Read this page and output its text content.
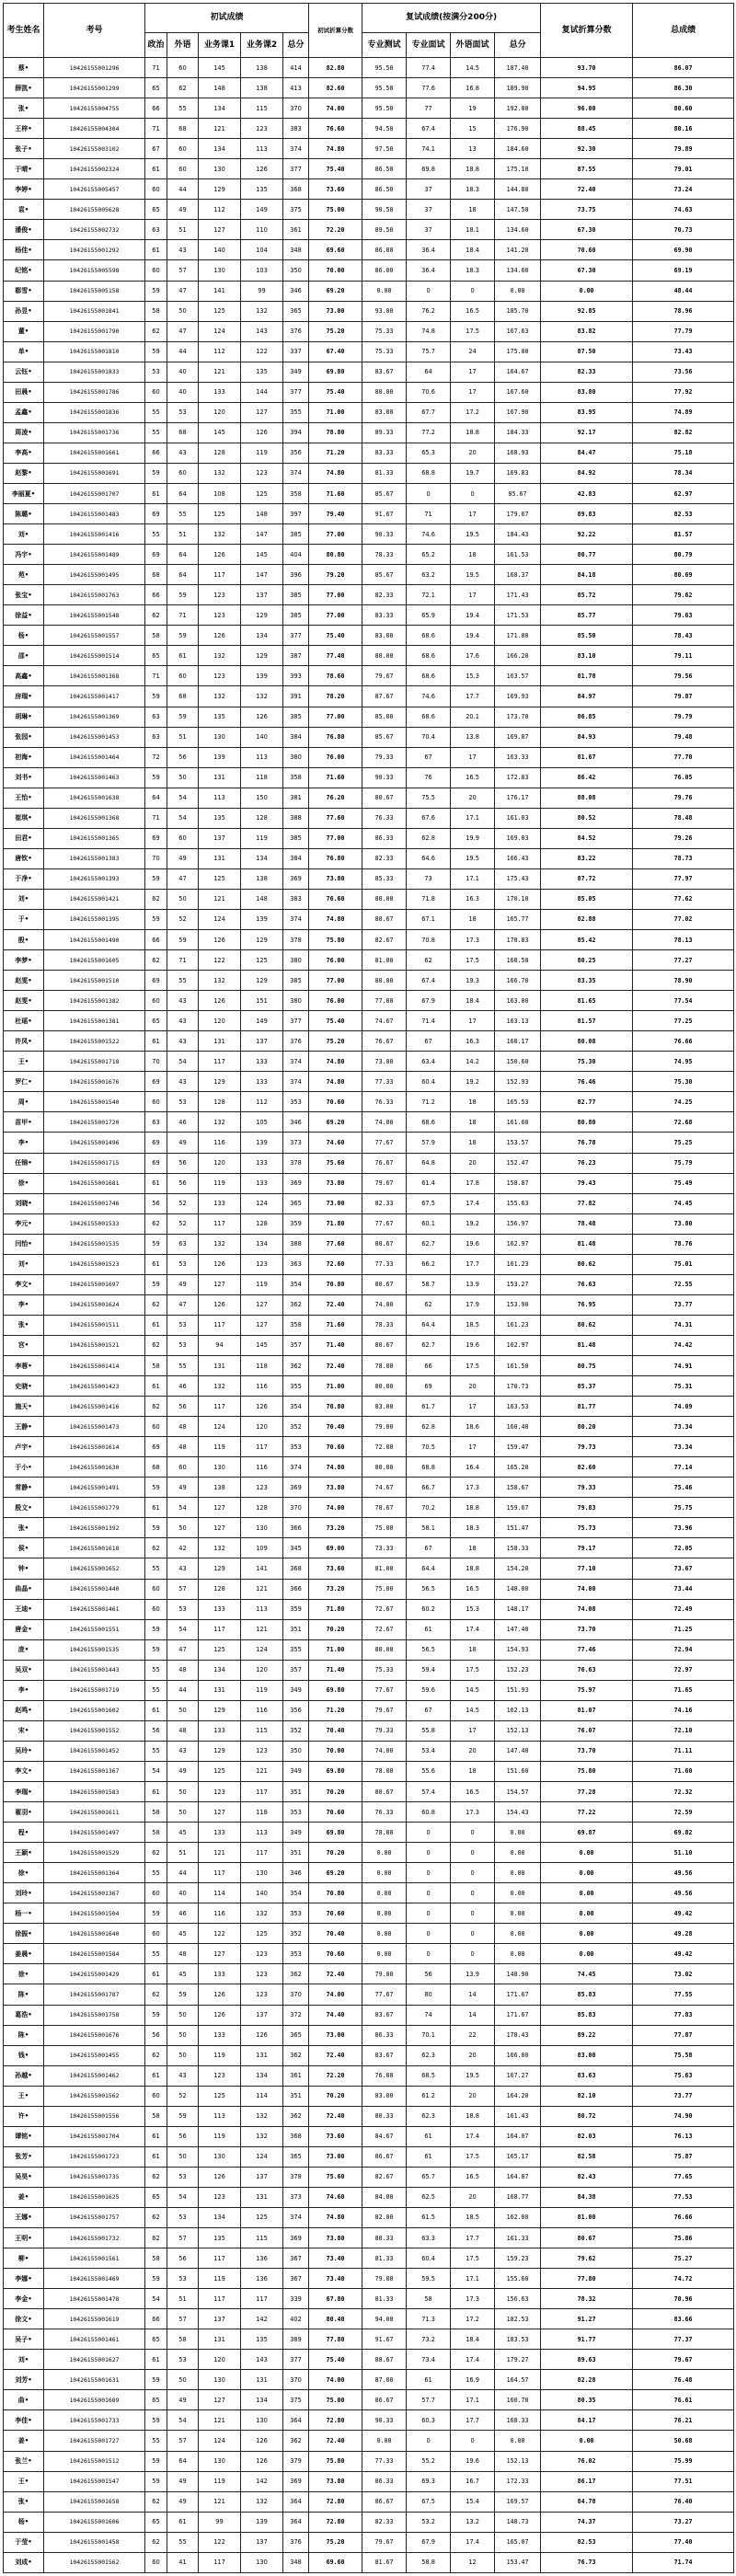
考生姓名	考号	初试成绩					初试折算分数	复试成绩(按满分200分)				复试折算分数	总成绩
		政治	外语	业务课1	业务课2	总分		专业测试	专业面试	外语面试	总分		
蔡•	10426155001296	71	60	145	138	414	82.80	95.50	77.4	14.5	187.40	93.70	86.07
薛凯•	10426155001299	65	62	148	138	413	82.60	95.50	77.6	16.8	189.90	94.95	86.30
张•	10426155004755	66	55	134	115	370	74.00	95.50	77	19	192.00	96.00	80.60
王梓•	10426155004304	71	68	121	123	383	76.60	94.50	67.4	15	176.90	88.45	80.16
张子•	10426155003102	67	60	134	113	374	74.80	97.50	74.1	13	184.60	92.30	79.89
于晴•	10426155002324	61	60	130	126	377	75.40	86.50	69.8	18.8	175.10	87.55	79.01
李婷•	10426155005457	60	44	129	135	368	73.60	86.50	37	18.3	144.80	72.40	73.24
袁•	10426155005628	65	49	112	149	375	75.00	90.50	37	18	147.50	73.75	74.63
潘俊•	10426155002732	63	51	127	110	361	72.20	89.50	37	18.1	134.60	67.30	70.73
杨佳•	10426155001292	61	43	140	104	348	69.60	86.00	36.4	18.4	141.20	70.60	69.90
纪铭•	10426155005598	60	57	130	103	350	70.00	86.00	36.4	18.3	134.60	67.30	69.19
郗雪•	10426155005158	59	47	141	99	346	69.20	0.00	0	0	0.00	0.00	48.44
孙昱•	10426155001841	58	50	125	132	365	73.00	93.00	76.2	16.5	185.70	92.85	78.96
董•	10426155001790	62	47	124	143	376	75.20	75.33	74.8	17.5	167.63	83.82	77.79
单•	10426155001810	59	44	112	122	337	67.40	75.33	75.7	24	175.00	87.50	73.43
云钰•	10426155001833	53	40	121	135	349	69.80	83.67	64	17	164.67	82.33	73.56
田晨•	10426155001786	60	40	133	144	377	75.40	80.00	70.6	17	167.60	83.80	77.92
孟鑫•	10426155001836	55	53	120	127	355	71.00	83.00	67.7	17.2	167.90	83.95	74.89
周凌•	10426155001736	55	68	145	126	394	78.80	89.33	77.2	18.8	184.33	92.17	82.82
李高•	10426155001661	66	43	128	119	356	71.20	83.33	65.3	20	168.93	84.47	75.18
赵黎•	10426155001691	59	60	132	123	374	74.80	81.33	68.8	19.7	169.83	84.92	78.34
李丽夏•	10426155001707	61	64	108	125	358	71.60	85.67	0	0	85.67	42.83	62.97
陈璐•	10426155001483	69	55	125	148	397	79.40	91.67	71	17	179.67	89.83	82.53
刘•	10426155001416	55	51	132	147	385	77.00	90.33	74.6	19.5	184.43	92.22	81.57
冯宇•	10426155001489	69	64	126	145	404	80.80	78.33	65.2	18	161.53	80.77	80.79
苑•	10426155001495	68	64	117	147	396	79.20	85.67	63.2	19.5	168.37	84.18	80.69
张宝•	10426155001763	66	59	123	137	385	77.00	82.33	72.1	17	171.43	85.72	79.62
徐益•	10426155001548	62	71	123	129	385	77.00	83.33	65.9	19.4	171.53	85.77	79.63
杨•	10426155001557	58	59	126	134	377	75.40	83.00	68.6	19.4	171.00	85.50	78.43
邵•	10426155001514	65	61	132	129	387	77.40	80.00	68.6	17.6	166.20	83.10	79.11
高鑫•	10426155001368	71	60	123	139	393	78.60	79.67	68.6	15.3	163.57	81.78	79.56
房瑞•	10426155001417	59	68	132	132	391	78.20	87.67	74.6	17.7	169.93	84.97	79.87
胡琳•	10426155001369	63	59	135	126	385	77.00	85.00	68.6	20.1	173.70	86.85	79.79
张园•	10426155001453	63	51	130	140	384	76.80	85.67	70.4	13.8	169.87	84.93	79.48
初海•	10426155001464	72	56	139	113	380	76.00	79.33	67	17	163.33	81.67	77.70
刘书•	10426155001463	59	50	131	118	358	71.60	90.33	76	16.5	172.83	86.42	76.05
王怡•	10426155001638	64	54	113	150	381	76.20	80.67	75.5	20	176.17	88.08	79.76
崔琪•	10426155001368	71	54	135	128	388	77.60	76.33	67.6	17.1	161.03	80.52	78.48
田君•	10426155001365	69	60	137	119	385	77.00	86.33	62.8	19.9	169.03	84.52	79.26
唐钦•	10426155001383	70	49	131	134	384	76.80	82.33	64.6	19.5	166.43	83.22	78.73
于净•	10426155001393	59	47	125	138	369	73.80	85.33	73	17.1	175.43	87.72	77.97
刘•	10426155001421	62	50	121	148	383	76.60	80.00	71.8	16.3	170.10	85.05	77.62
于•	10426155001395	59	52	124	139	374	74.80	80.67	67.1	18	165.77	82.88	77.02
殷•	10426155001490	66	59	126	129	378	75.80	82.67	70.8	17.3	170.83	85.42	78.13
李梦•	10426155001605	62	71	122	125	380	76.00	81.00	62	17.5	160.50	80.25	77.27
赵雯•	10426155001510	69	55	132	129	385	77.00	80.00	67.4	19.3	166.70	83.35	78.90
赵雯•	10426155001382	60	43	126	151	380	76.00	77.00	67.9	18.4	163.00	81.65	77.54
杜瑶•	10426155001381	65	43	120	149	377	75.40	74.67	71.4	17	163.13	81.57	77.25
许凤•	10426155001522	61	43	131	137	376	75.20	76.67	67	16.3	160.17	80.08	76.66
王•	10426155001718	70	54	117	133	374	74.80	73.00	63.4	14.2	150.60	75.30	74.95
罗仁•	10426155001676	69	43	129	133	374	74.80	77.33	60.4	19.2	152.93	76.46	75.30
周•	10426155001540	60	53	128	112	353	70.60	76.33	71.2	18	165.53	82.77	74.25
苗甲•	10426155001720	63	46	132	105	346	69.20	74.00	68.6	18	161.60	80.80	72.68
李•	10426155001496	69	49	116	139	373	74.60	77.67	57.9	18	153.57	76.78	75.25
任锦•	10426155001715	69	56	120	133	378	75.60	76.67	64.8	20	152.47	76.23	75.79
徐•	10426155001681	61	56	119	133	369	73.80	79.67	61.4	17.8	158.87	79.43	75.49
刘晓•	10426155001746	56	52	133	124	365	73.00	82.33	67.5	17.4	155.63	77.82	74.45
李元•	10426155001533	62	52	117	128	359	71.80	77.67	60.1	19.2	156.97	78.48	73.80
闫怡•	10426155001535	59	63	132	134	388	77.60	80.67	62.7	19.6	162.97	81.48	78.76
刘•	10426155001523	61	53	126	123	363	72.60	77.33	66.2	17.7	161.23	80.62	75.01
李文•	10426155001697	59	49	127	119	354	70.80	80.67	58.7	13.9	153.27	76.63	72.55
李•	10426155001624	62	47	126	127	362	72.40	74.00	62	17.9	153.90	76.95	73.77
张•	10426155001511	61	53	117	127	358	71.60	78.33	64.4	18.5	161.23	80.62	74.31
宫•	10426155001521	62	53	94	145	357	71.40	80.67	62.7	19.6	162.97	81.48	74.42
李蓉•	10426155001414	58	55	131	118	362	72.40	78.00	66	17.5	161.50	80.75	74.91
史晓•	10426155001423	61	46	132	116	355	71.00	80.00	69	20	170.73	85.37	75.31
施天•	10426155001416	62	56	117	126	354	70.80	83.00	61.7	17	163.53	81.77	74.09
王静•	10426155001473	60	48	124	120	352	70.40	79.00	62.8	18.6	160.40	80.20	73.34
卢宇•	10426155001614	69	48	119	117	353	70.60	72.00	70.5	17	159.47	79.73	73.34
于小•	10426155001630	68	60	130	116	374	74.80	80.00	68.8	16.4	165.20	82.60	77.14
常静•	10426155001491	59	49	138	123	369	73.80	74.67	66.7	17.3	158.67	79.33	75.46
殷文•	10426155001779	61	54	127	128	370	74.00	70.67	70.2	18.8	159.67	79.83	75.75
张•	10426155001392	59	50	127	130	366	73.20	75.00	58.1	18.3	151.47	75.73	73.96
侯•	10426155001618	62	42	132	109	345	69.00	73.33	67	18	158.33	79.17	72.05
钟•	10426155001652	55	43	129	141	368	73.60	81.00	64.4	18.8	154.20	77.10	73.67
曲晶•	10426155001440	60	57	128	121	366	73.20	75.00	56.5	16.5	148.00	74.00	73.44
王迪•	10426155001461	60	53	133	113	359	71.80	72.67	60.2	15.3	148.17	74.08	72.49
唐金•	10426155001551	59	54	117	121	351	70.20	72.67	61	17.4	147.40	73.70	71.25
庞•	10426155001535	59	47	125	124	355	71.00	80.00	56.5	18	154.93	77.46	72.94
吴双•	10426155001443	55	48	134	120	357	71.40	75.33	59.4	17.5	152.23	76.63	72.97
李•	10426155001719	55	44	131	119	349	69.80	77.67	59.6	14.5	151.93	75.97	71.65
赵鸣•	10426155001602	61	50	129	116	356	71.20	79.67	67	14.5	162.13	81.07	74.16
宋•	10426155001552	56	48	133	115	352	70.40	79.33	55.8	17	152.13	76.07	72.10
吴玲•	10426155001452	55	43	129	123	350	70.00	74.00	53.4	20	147.40	73.70	71.11
李文•	10426155001367	54	49	125	121	349	69.80	78.00	55.6	18	151.60	75.80	71.60
李瑞•	10426155001583	61	50	123	117	351	70.20	80.67	57.4	16.5	154.57	77.28	72.32
翟羽•	10426155001611	58	50	127	118	353	70.60	76.33	60.8	17.3	154.43	77.22	72.59
程•	10426155001497	58	45	133	113	349	69.80	78.00	0	0	0.00	69.87	69.82
王颖•	10426155001529	62	51	121	117	351	70.20	0.00	0	0	0.00	0.00	51.10
徐•	10426155001364	55	44	117	130	346	69.20	0.00	0	0	0.00	0.00	49.56
刘玲•	10426155001367	60	40	114	140	354	70.80	0.00	0	0	0.00	0.00	49.56
杨一•	10426155001504	59	46	116	132	353	70.60	0.00	0	0	0.00	0.00	49.42
徐振•	10426155001640	60	45	122	125	352	70.40	0.00	0	0	0.00	0.00	49.28
姜晨•	10426155001584	55	48	127	123	353	70.60	0.00	0	0	0.00	0.00	49.42
徐•	10426155001429	61	45	133	123	362	72.40	79.00	56	13.9	148.90	74.45	73.02
陈•	10426155001787	62	59	126	123	370	74.00	77.67	80	14	171.67	85.83	77.55
葛浩•	10426155001758	59	50	126	137	372	74.40	83.67	74	14	171.67	85.83	77.83
陈•	10426155001676	56	50	133	126	365	73.00	86.33	70.1	22	178.43	89.22	77.87
钱•	10426155001455	62	50	119	131	362	72.40	83.67	62.3	20	166.00	83.00	75.58
孙越•	10426155001462	61	43	123	134	361	72.20	76.00	68.5	19.5	167.27	83.63	75.63
王•	10426155001562	60	52	125	114	351	70.20	83.00	61.2	20	164.20	82.10	73.77
许•	10426155001556	58	59	113	132	362	72.40	80.33	62.3	18.8	161.43	80.72	74.90
谭铭•	10426155001704	61	56	119	132	368	73.60	84.67	61	17.4	164.07	82.03	76.13
张芳•	10426155001723	61	50	130	124	365	73.00	86.67	61	17.5	165.17	82.58	75.87
吴昊•	10426155001735	62	53	126	137	378	75.60	82.67	65.7	16.5	164.87	82.43	77.65
姜•	10426155001625	65	54	123	131	373	74.60	84.00	62.5	20	168.77	84.38	77.53
王娜•	10426155001757	62	53	134	125	374	74.80	82.00	61.5	18.5	162.00	81.00	76.66
王明•	10426155001732	62	57	135	115	369	73.80	80.33	63.3	17.7	161.33	80.67	75.86
柳•	10426155001561	58	56	117	136	367	73.40	81.33	60.4	17.5	159.23	79.62	75.27
李娜•	10426155001469	59	53	119	136	367	73.40	79.00	59.5	17.1	155.60	77.80	74.72
李金•	10426155001478	54	51	117	117	339	67.80	81.33	58	17.3	156.63	78.32	70.96
徐文•	10426155001619	66	57	137	142	402	80.40	94.00	71.3	17.2	182.53	91.27	83.66
吴子•	10426155001461	65	58	131	135	389	77.80	91.67	73.2	18.4	183.53	91.77	77.37
刘•	10426155001627	61	53	120	143	377	75.40	88.67	73.4	17.4	179.27	89.63	79.67
刘芳•	10426155001631	59	50	130	131	370	74.00	87.00	61	16.9	164.57	82.28	76.48
曲•	10426155001689	65	49	127	134	375	75.00	86.67	57.7	17.1	160.70	80.35	76.61
李佳•	10426155001733	59	54	121	130	364	72.80	90.33	60.3	17.7	168.33	84.17	76.21
姜•	10426155001727	55	57	124	126	362	72.40	0.00	0	0	0.00	0.00	50.68
张兰•	10426155001512	59	64	130	126	379	75.80	77.33	55.2	19.6	152.13	76.02	75.99
王•	10426155001547	59	49	119	142	369	73.80	86.33	69.3	16.7	172.33	86.17	77.51
张•	10426155001658	62	49	121	132	364	72.80	86.67	67.5	15.4	169.57	84.78	76.40
杨•	10426155001606	65	61	99	139	364	72.80	82.33	53.2	13.2	148.73	74.37	73.27
于莹•	10426155001458	62	55	122	137	376	75.20	79.67	67.9	17.4	165.07	82.53	77.40
刘成•	10426155001562	60	41	117	130	348	69.60	81.67	58.8	12	153.47	76.73	71.74
